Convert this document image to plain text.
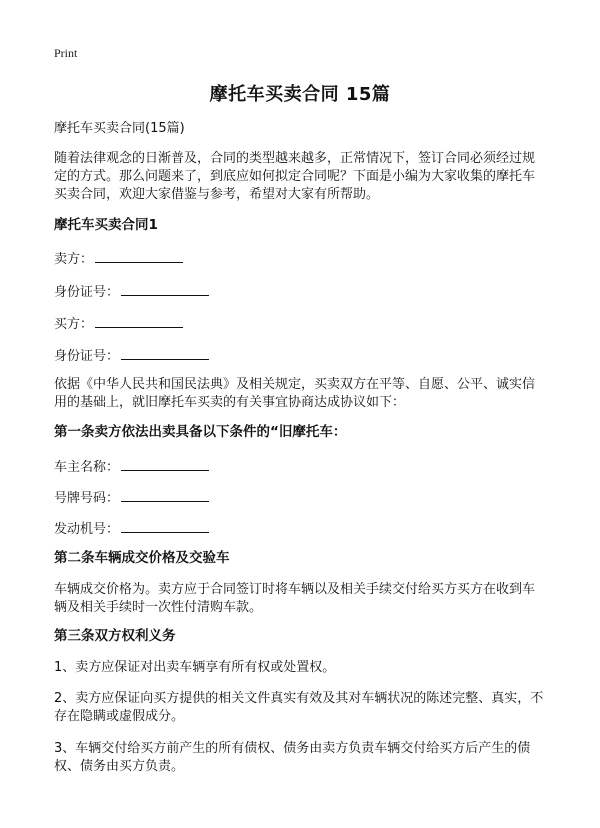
Print
摩托车买卖合同 15篇
摩托车买卖合同(15篇)
随着法律观念的日渐普及，合同的类型越来越多，正常情况下，签订合同必须经过规定的方式。那么问题来了，到底应如何拟定合同呢？下面是小编为大家收集的摩托车买卖合同，欢迎大家借鉴与参考，希望对大家有所帮助。
摩托车买卖合同1
卖方：
身份证号：
买方：
身份证号：
依据《中华人民共和国民法典》及相关规定，买卖双方在平等、自愿、公平、诚实信用的基础上，就旧摩托车买卖的有关事宜协商达成协议如下：
第一条卖方依法出卖具备以下条件的“旧摩托车：
车主名称：
号牌号码：
发动机号：
第二条车辆成交价格及交验车
车辆成交价格为。卖方应于合同签订时将车辆以及相关手续交付给买方买方在收到车辆及相关手续时一次性付清购车款。
第三条双方权利义务
1、卖方应保证对出卖车辆享有所有权或处置权。
2、卖方应保证向买方提供的相关文件真实有效及其对车辆状况的陈述完整、真实，不存在隐瞒或虚假成分。
3、车辆交付给买方前产生的所有债权、债务由卖方负责车辆交付给买方后产生的债权、债务由买方负责。
